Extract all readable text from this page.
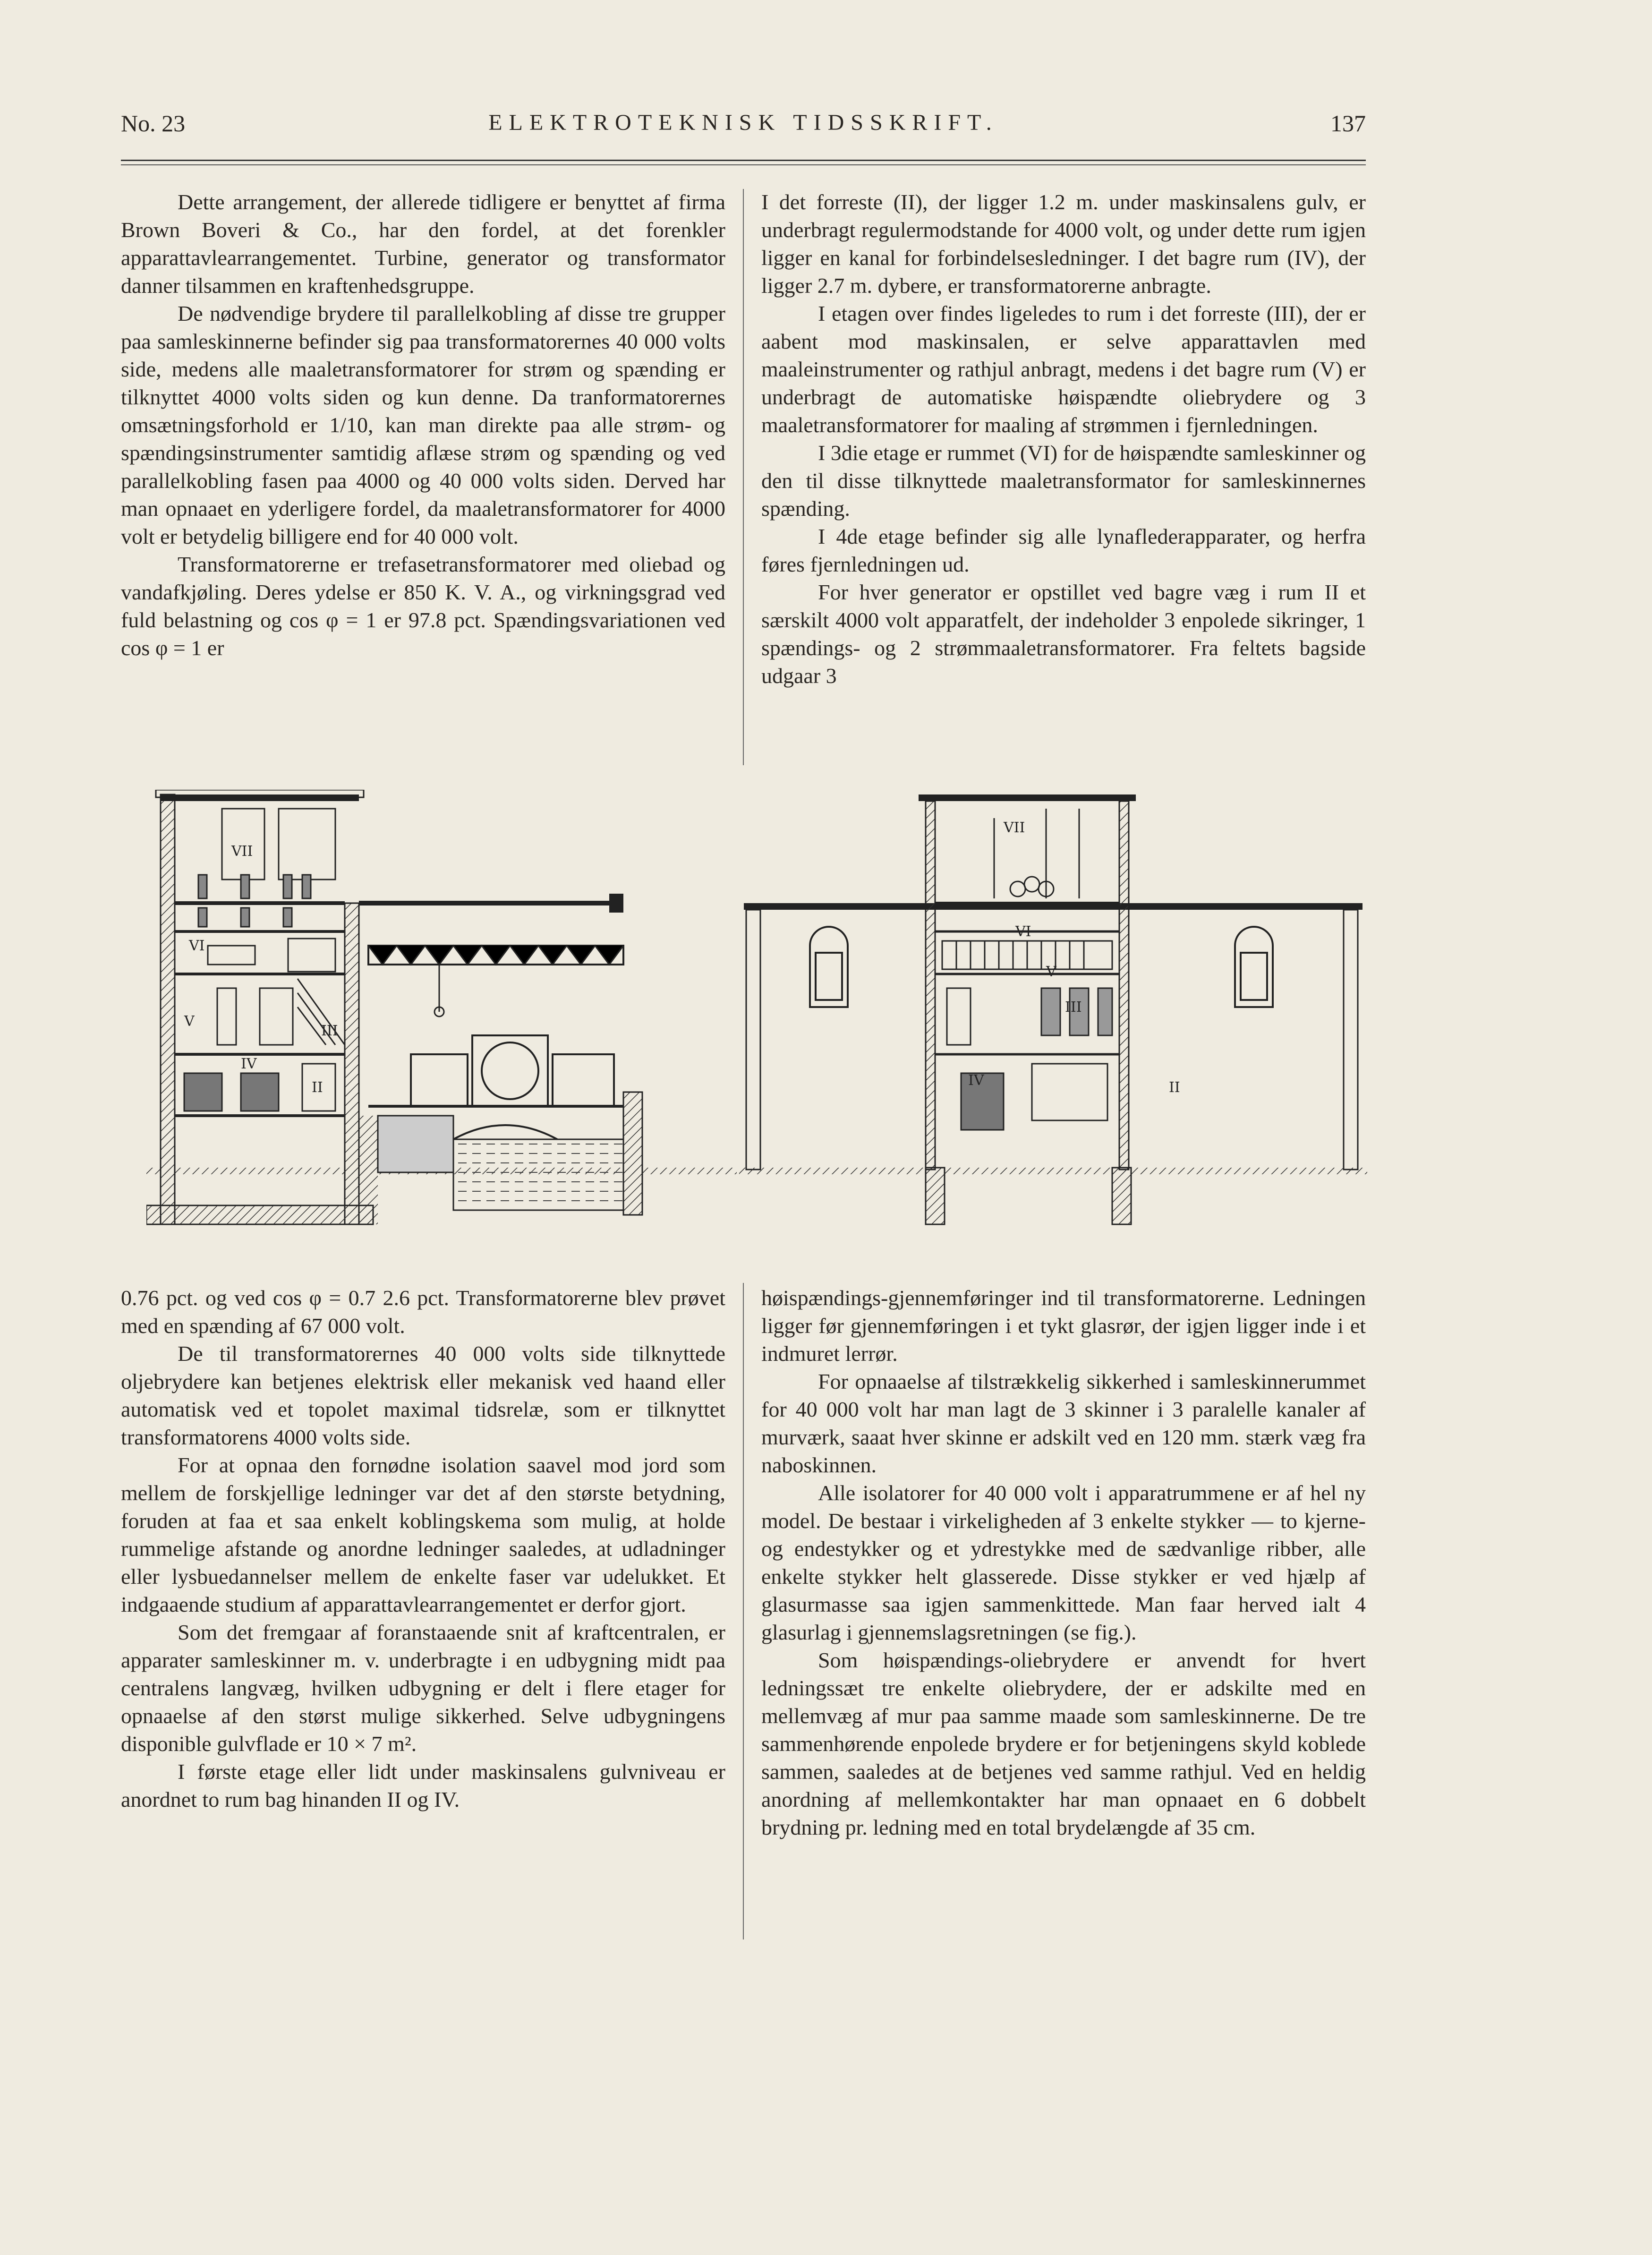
No. 23	ELEKTROTEKNISK TIDSSKRIFT.	137

Dette arrangement, der allerede tidligere er benyttet af firma Brown Boveri & Co., har den fordel, at det forenkler apparattavlearrangementet. Turbine, generator og transformator danner tilsammen en kraftenhedsgruppe.

De nødvendige brydere til parallelkobling af disse tre grupper paa samleskinnerne befinder sig paa transformatorernes 40 000 volts side, medens alle maaletransformatorer for strøm og spænding er tilknyttet 4000 volts siden og kun denne. Da tranformatorernes omsætningsforhold er 1/10, kan man direkte paa alle strøm- og spændingsinstrumenter samtidig aflæse strøm og spænding og ved parallelkobling fasen paa 4000 og 40 000 volts siden. Derved har man opnaaet en yderligere fordel, da maaletransformatorer for 4000 volt er betydelig billigere end for 40 000 volt.

Transformatorerne er trefasetransformatorer med oliebad og vandafkjøling. Deres ydelse er 850 K. V. A., og virkningsgrad ved fuld belastning og cos φ = 1 er 97.8 pct. Spændingsvariationen ved cos φ = 1 er

I det forreste (II), der ligger 1.2 m. under maskinsalens gulv, er underbragt regulermodstande for 4000 volt, og under dette rum igjen ligger en kanal for forbindelsesledninger. I det bagre rum (IV), der ligger 2.7 m. dybere, er transformatorerne anbragte.

I etagen over findes ligeledes to rum i det forreste (III), der er aabent mod maskinsalen, er selve apparattavlen med maaleinstrumenter og rathjul anbragt, medens i det bagre rum (V) er underbragt de automatiske høispændte oliebrydere og 3 maaletransformatorer for maaling af strømmen i fjernledningen.

I 3die etage er rummet (VI) for de høispændte samleskinner og den til disse tilknyttede maaletransformator for samleskinnernes spænding.

I 4de etage befinder sig alle lynaflederapparater, og herfra føres fjernledningen ud.

For hver generator er opstillet ved bagre væg i rum II et særskilt 4000 volt apparatfelt, der indeholder 3 enpolede sikringer, 1 spændings- og 2 strømmaaletransformatorer. Fra feltets bagside udgaar 3

VII
VI
V
III
IV
II
VII
VI
V
III
IV	II

0.76 pct. og ved cos φ = 0.7 2.6 pct. Transformatorerne blev prøvet med en spænding af 67 000 volt.

De til transformatorernes 40 000 volts side tilknyttede oljebrydere kan betjenes elektrisk eller mekanisk ved haand eller automatisk ved et topolet maximal tidsrelæ, som er tilknyttet transformatorens 4000 volts side.

For at opnaa den fornødne isolation saavel mod jord som mellem de forskjellige ledninger var det af den største betydning, foruden at faa et saa enkelt koblingskema som mulig, at holde rummelige afstande og anordne ledninger saaledes, at udladninger eller lysbuedannelser mellem de enkelte faser var udelukket. Et indgaaende studium af apparattavlearrangementet er derfor gjort.

Som det fremgaar af foranstaaende snit af kraftcentralen, er apparater samleskinner m. v. underbragte i en udbygning midt paa centralens langvæg, hvilken udbygning er delt i flere etager for opnaaelse af den størst mulige sikkerhed. Selve udbygningens disponible gulvflade er 10 × 7 m².

I første etage eller lidt under maskinsalens gulvniveau er anordnet to rum bag hinanden II og IV.

høispændings-gjennemføringer ind til transformatorerne. Ledningen ligger før gjennemføringen i et tykt glasrør, der igjen ligger inde i et indmuret lerrør.

For opnaaelse af tilstrækkelig sikkerhed i samleskinnerummet for 40 000 volt har man lagt de 3 skinner i 3 paralelle kanaler af murværk, saaat hver skinne er adskilt ved en 120 mm. stærk væg fra naboskinnen.

Alle isolatorer for 40 000 volt i apparatrummene er af hel ny model. De bestaar i virkeligheden af 3 enkelte stykker — to kjerne- og endestykker og et ydrestykke med de sædvanlige ribber, alle enkelte stykker helt glasserede. Disse stykker er ved hjælp af glasurmasse saa igjen sammenkittede. Man faar herved ialt 4 glasurlag i gjennemslagsretningen (se fig.).

Som høispændings-oliebrydere er anvendt for hvert ledningssæt tre enkelte oliebrydere, der er adskilte med en mellemvæg af mur paa samme maade som samleskinnerne. De tre sammenhørende enpolede brydere er for betjeningens skyld koblede sammen, saaledes at de betjenes ved samme rathjul. Ved en heldig anordning af mellemkontakter har man opnaaet en 6 dobbelt brydning pr. ledning med en total brydelængde af 35 cm.
